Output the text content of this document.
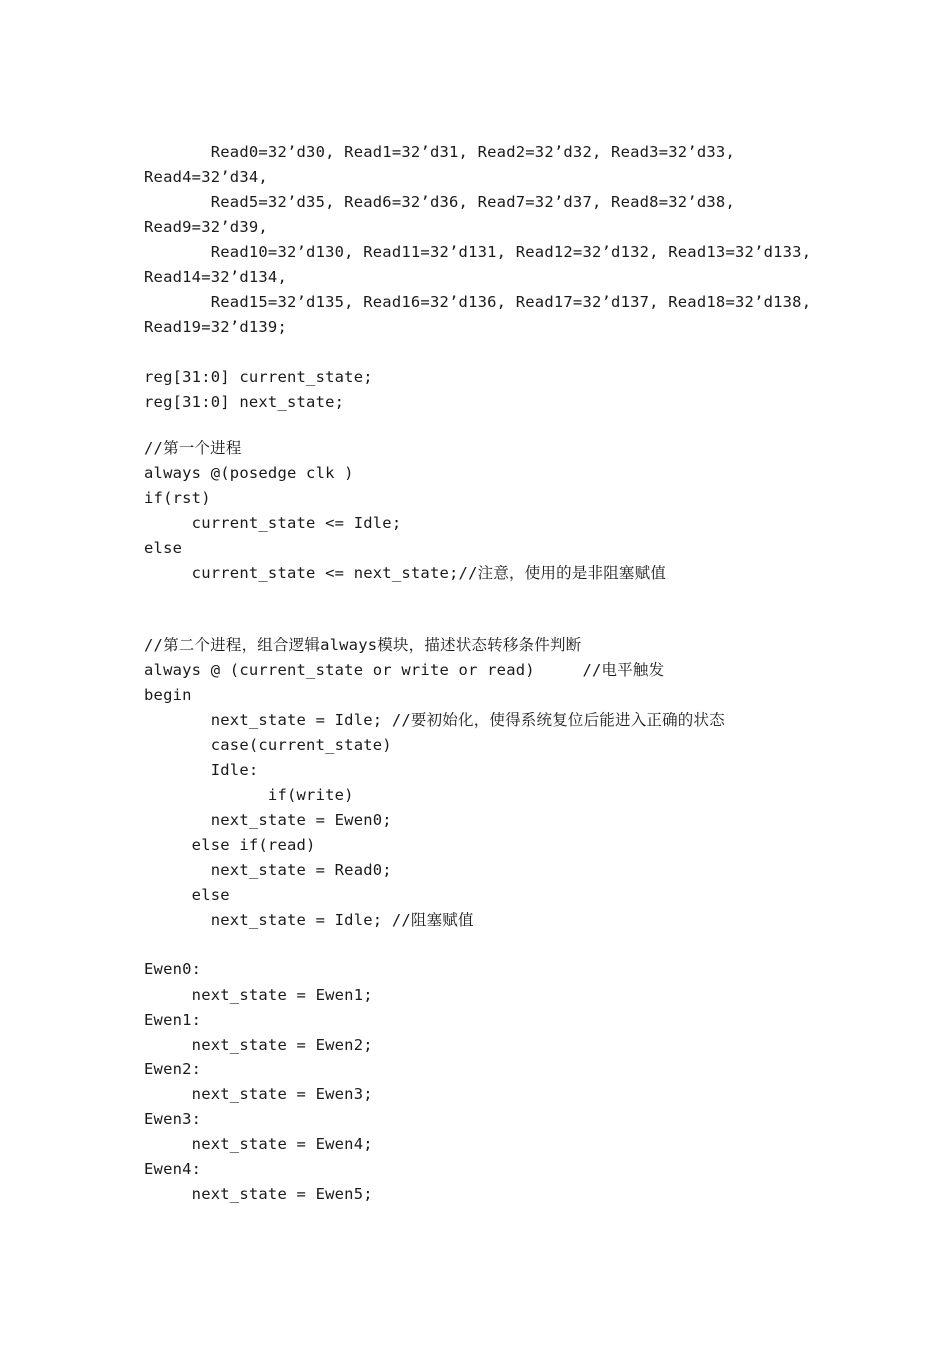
Read0=32’d30, Read1=32’d31, Read2=32’d32, Read3=32’d33,
Read4=32’d34,
Read5=32’d35, Read6=32’d36, Read7=32’d37, Read8=32’d38,
Read9=32’d39,
Read10=32’d130, Read11=32’d131, Read12=32’d132, Read13=32’d133,
Read14=32’d134,
Read15=32’d135, Read16=32’d136, Read17=32’d137, Read18=32’d138,
Read19=32’d139;
reg[31:0] current_state;
reg[31:0] next_state;
//第一个进程
always @(posedge clk )
if(rst)
current_state <= Idle;
else
current_state <= next_state;//注意，使用的是非阻塞赋值
//第二个进程，组合逻辑always模块，描述状态转移条件判断
always @ (current_state or write or read)     //电平触发
begin
next_state = Idle; //要初始化，使得系统复位后能进入正确的状态
case(current_state)
Idle:
if(write)
next_state = Ewen0;
else if(read)
next_state = Read0;
else
next_state = Idle; //阻塞赋值
Ewen0:
next_state = Ewen1;
Ewen1:
next_state = Ewen2;
Ewen2:
next_state = Ewen3;
Ewen3:
next_state = Ewen4;
Ewen4:
next_state = Ewen5;
